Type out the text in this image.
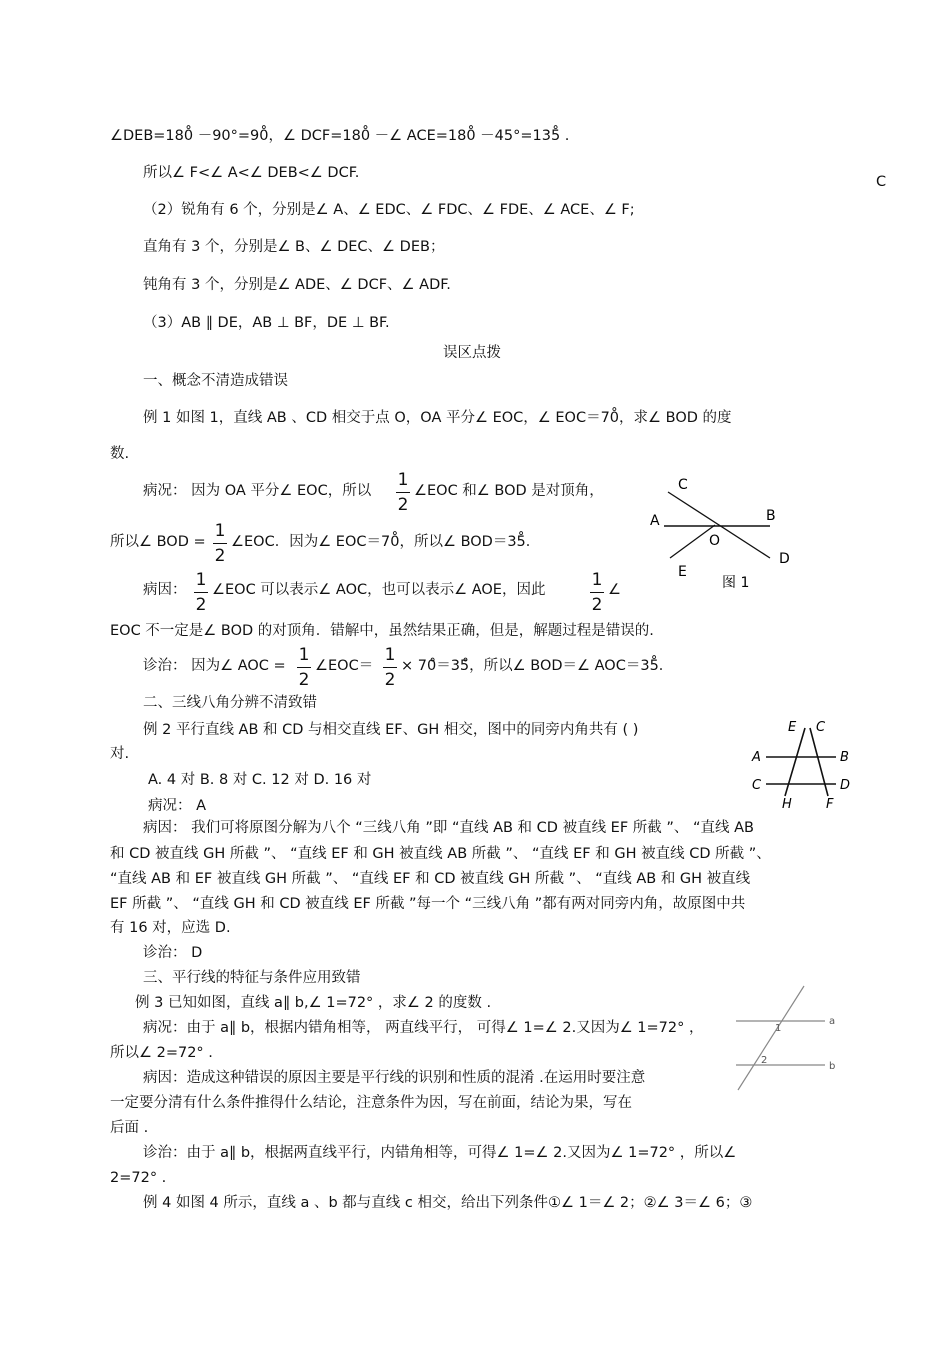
C
∠DEB=180̊ －90°=90̊，∠ DCF=180̊ －∠ ACE=180̊ －45°=135̊ .
所以∠ F<∠ A<∠ DEB<∠ DCF.
（2）锐角有 6 个，分别是∠ A、∠ EDC、∠ FDC、∠ FDE、∠ ACE、∠ F;
直角有 3 个，分别是∠ B、∠ DEC、∠ DEB；
钝角有 3 个，分别是∠ ADE、∠ DCF、∠ ADF.
（3）AB ∥ DE，AB ⊥ BF，DE ⊥ BF.
误区点拨
一、概念不清造成错误
例 1 如图 1，直线 AB 、CD 相交于点 O，OA 平分∠ EOC，∠ EOC＝70̊，求∠ BOD 的度
数.
病况： 因为 OA 平分∠ EOC，所以
1
2
∠EOC 和∠ BOD 是对顶角，
所以∠ BOD =
1
2
∠EOC．因为∠ EOC＝70̊，所以∠ BOD＝35̊．
病因： 1
2
∠EOC 可以表示∠ AOC，也可以表示∠ AOE，因此	1
2
∠
EOC 不一定是∠ BOD 的对顶角．错解中，虽然结果正确，但是，解题过程是错误的.
诊治： 因为∠ AOC =
1
2
∠EOC＝
1
2
× 70̊＝35̊，所以∠ BOD＝∠ AOC＝35̊．
二、三线八角分辨不清致错
例 2 平行直线 AB 和 CD 与相交直线 EF、GH 相交，图中的同旁内角共有 ( )
对.
A. 4 对 B. 8 对 C. 12 对 D. 16 对
病况： A
病因： 我们可将原图分解为八个 “三线八角 ”即 “直线 AB 和 CD 被直线 EF 所截 ”、 “直线 AB
和 CD 被直线 GH 所截 ”、 “直线 EF 和 GH 被直线 AB 所截 ”、 “直线 EF 和 GH 被直线 CD 所截 ”、
“直线 AB 和 EF 被直线 GH 所截 ”、 “直线 EF 和 CD 被直线 GH 所截 ”、 “直线 AB 和 GH 被直线
EF 所截 ”、 “直线 GH 和 CD 被直线 EF 所截 ”每一个 “三线八角 ”都有两对同旁内角，故原图中共
有 16 对，应选 D.
诊治： D
三、平行线的特征与条件应用致错
例 3 已知如图，直线 a∥ b,∠ 1=72° ，求∠ 2 的度数 .
病况：由于 a∥ b，根据内错角相等， 两直线平行， 可得∠ 1=∠ 2.又因为∠ 1=72° ，
所以∠ 2=72° .
病因：造成这种错误的原因主要是平行线的识别和性质的混淆 .在运用时要注意
一定要分清有什么条件推得什么结论，注意条件为因，写在前面，结论为果，写在
后面 .
诊治：由于 a∥ b，根据两直线平行，内错角相等，可得∠ 1=∠ 2.又因为∠ 1=72° ，所以∠
2=72° .
例 4 如图 4 所示，直线 a 、b 都与直线 c 相交，给出下列条件①∠ 1＝∠ 2；②∠ 3＝∠ 6；③
C
A	B
O
D
E
图 1
E C
A	B
C	D
H	F
1
2
a
b
